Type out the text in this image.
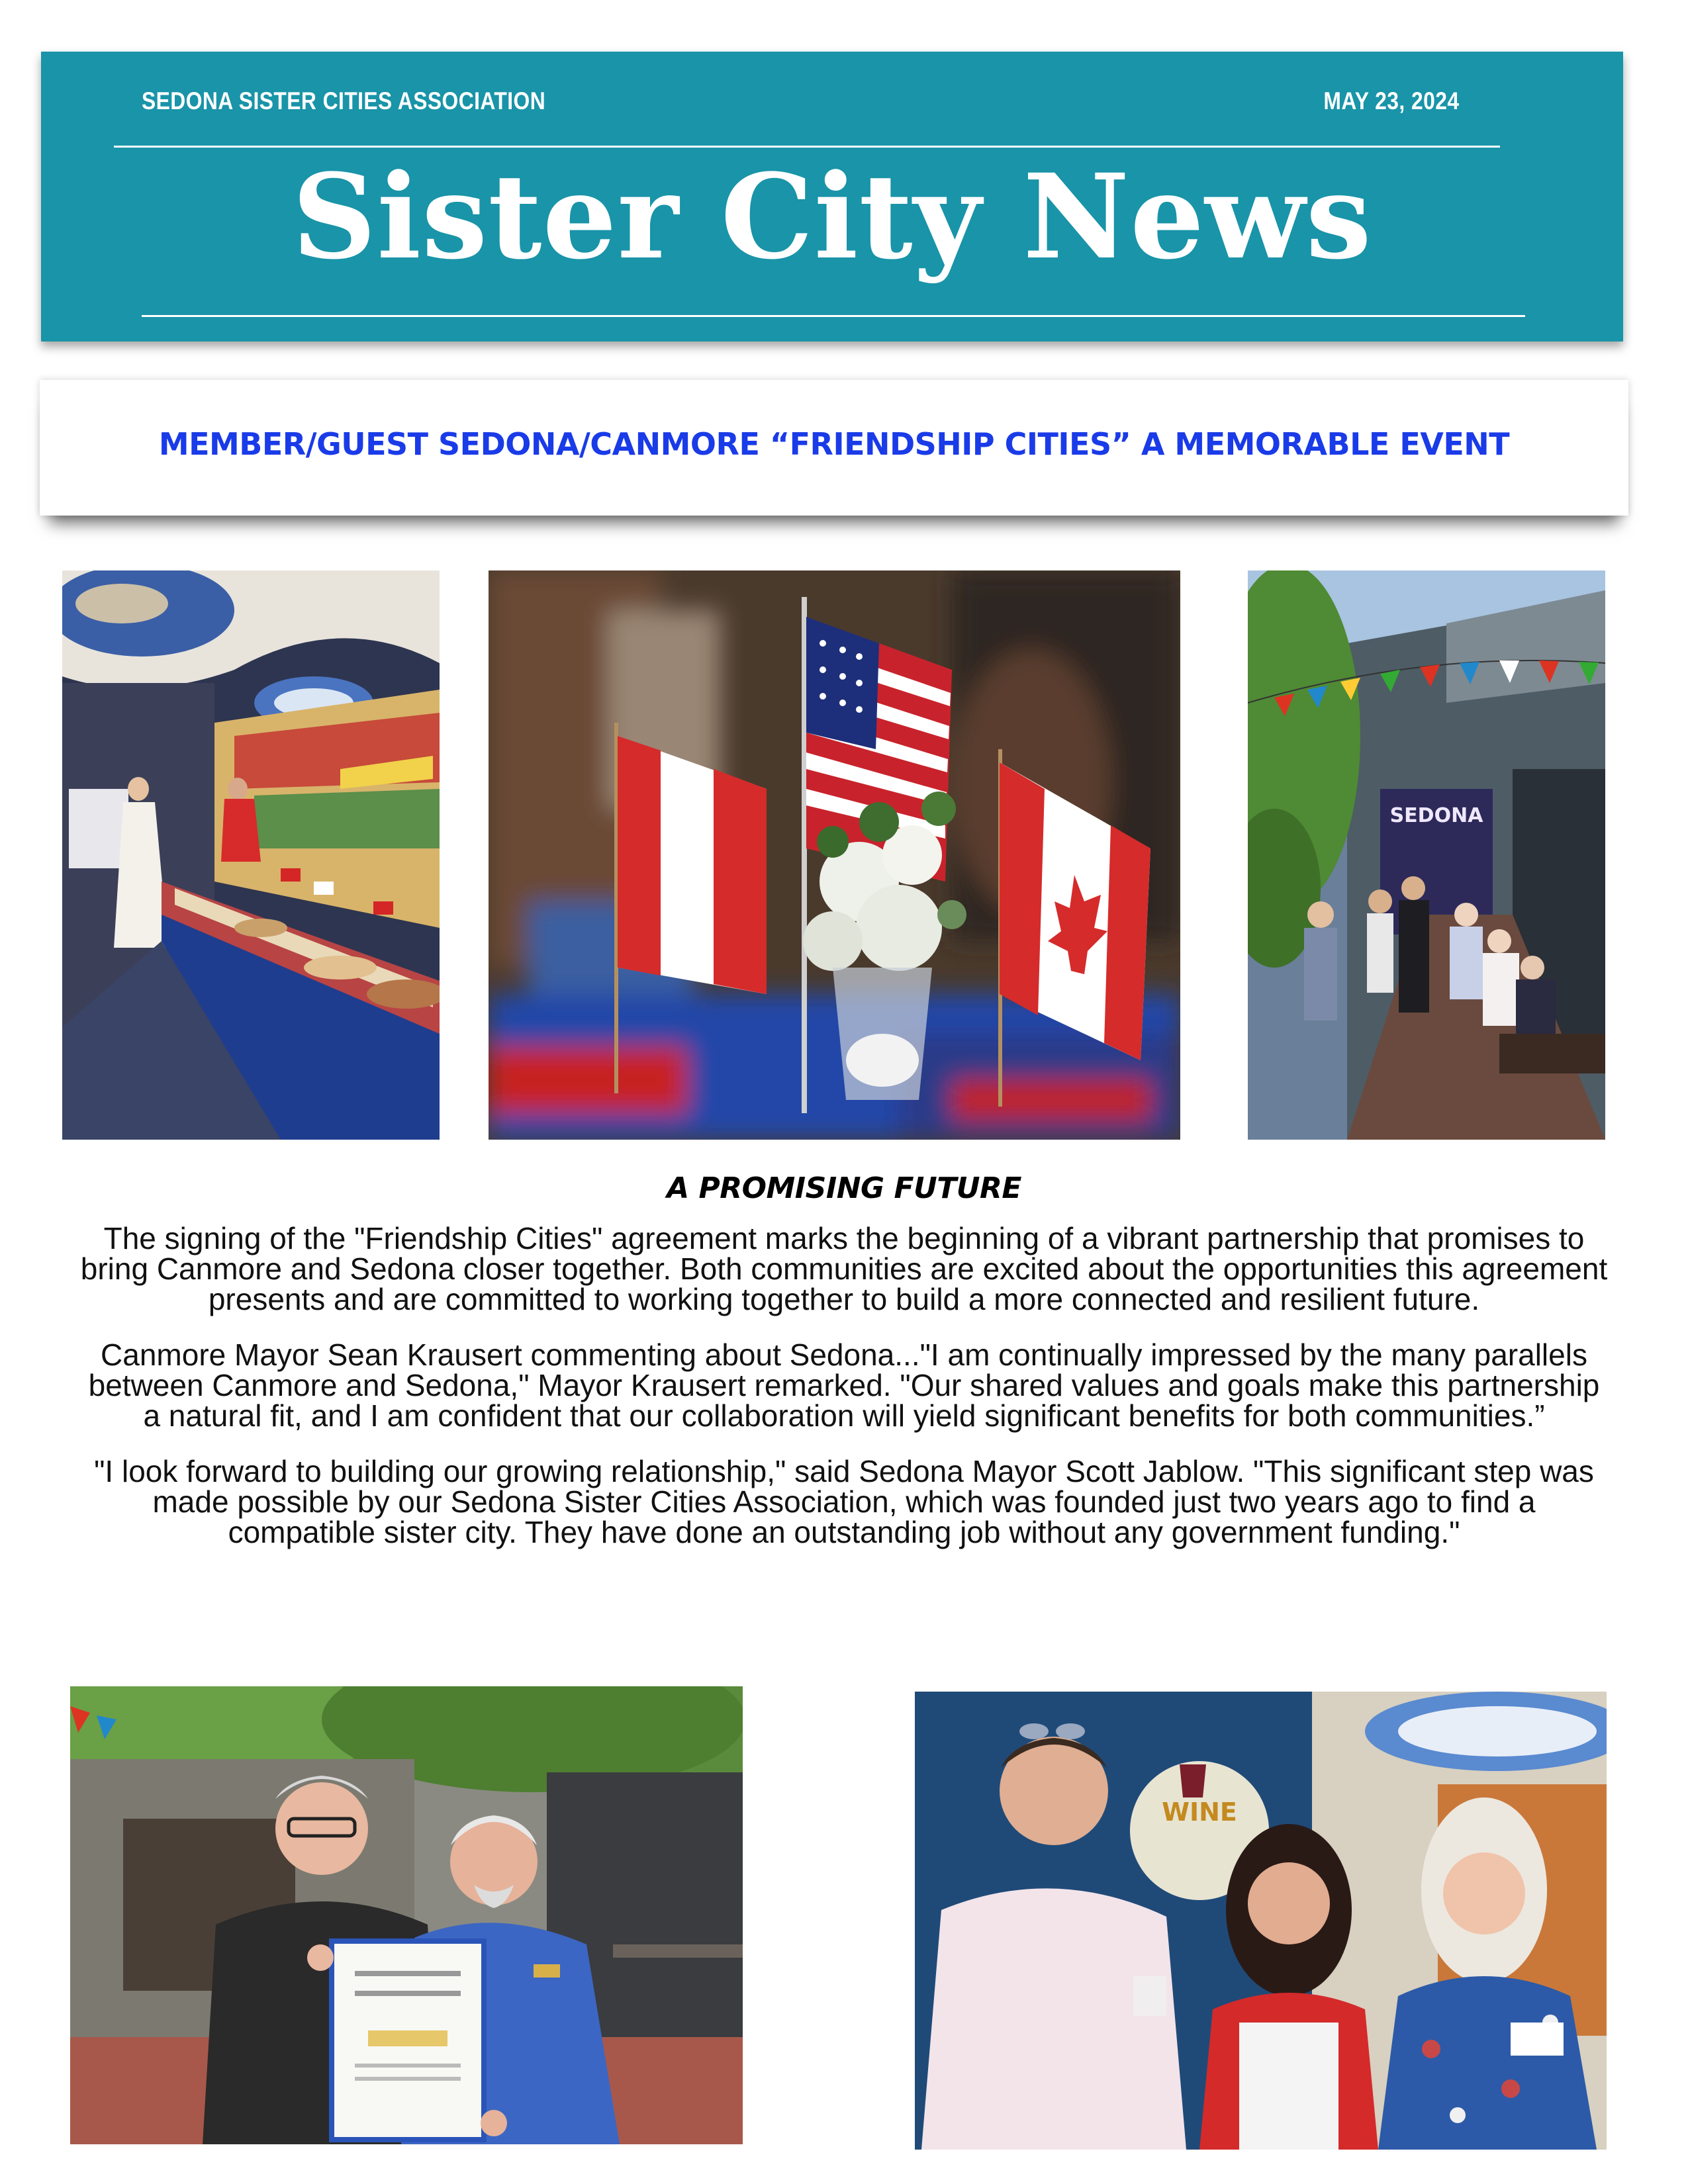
SEDONA SISTER CITIES ASSOCIATION	MAY 23, 2024
Sister City News
MEMBER/GUEST SEDONA/CANMORE “FRIENDSHIP CITIES” A MEMORABLE EVENT
SEDONA
A PROMISING FUTURE

The signing of the "Friendship Cities" agreement marks the beginning of a vibrant partnership that promises to bring Canmore and Sedona closer together. Both communities are excited about the opportunities this agreement presents and are committed to working together to build a more connected and resilient future.

Canmore Mayor Sean Krausert commenting about Sedona..."I am continually impressed by the many parallels between Canmore and Sedona," Mayor Krausert remarked. "Our shared values and goals make this partnership a natural fit, and I am confident that our collaboration will yield significant benefits for both communities.”

"I look forward to building our growing relationship," said Sedona Mayor Scott Jablow. "This significant step was made possible by our Sedona Sister Cities Association, which was founded just two years ago to find a compatible sister city. They have done an outstanding job without any government funding."

WINE
